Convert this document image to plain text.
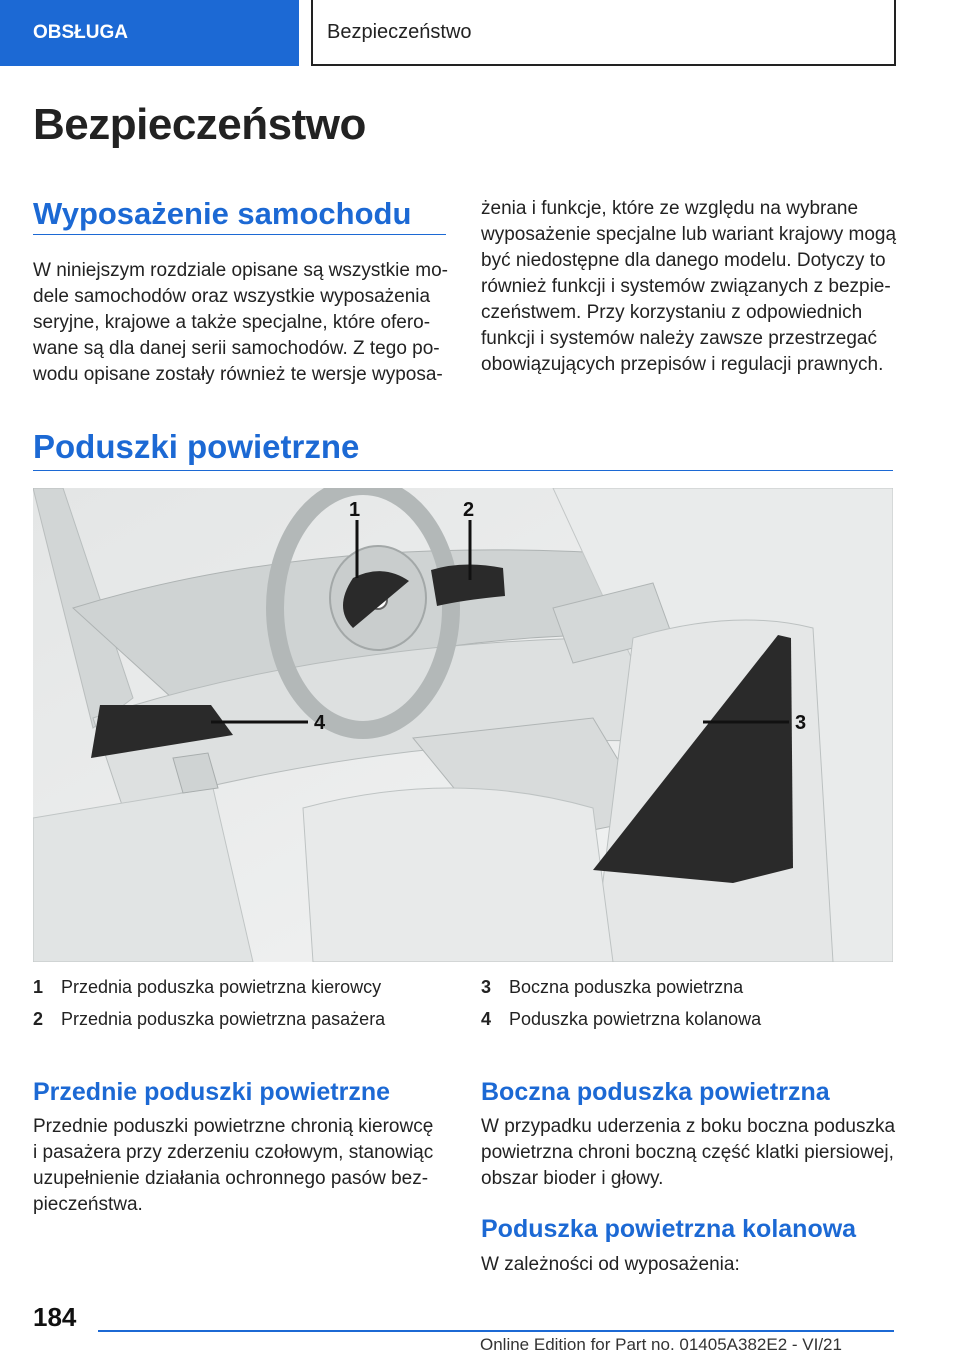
OBSŁUGA	Bezpieczeństwo
Bezpieczeństwo
Wyposażenie samochodu
W niniejszym rozdziale opisane są wszystkie mo-
dele samochodów oraz wszystkie wyposażenia
seryjne, krajowe a także specjalne, które ofero-
wane są dla danej serii samochodów. Z tego po-
wodu opisane zostały również te wersje wyposa-
żenia i funkcje, które ze względu na wybrane
wyposażenie specjalne lub wariant krajowy mogą
być niedostępne dla danego modelu. Dotyczy to
również funkcji i systemów związanych z bezpie-
czeństwem. Przy korzystaniu z odpowiednich
funkcji i systemów należy zawsze przestrzegać
obowiązujących przepisów i regulacji prawnych.
Poduszki powietrzne
1	2
3
4
1 Przednia poduszka powietrzna kierowcy
2 Przednia poduszka powietrzna pasażera
3 Boczna poduszka powietrzna
4 Poduszka powietrzna kolanowa
Przednie poduszki powietrzne
Przednie poduszki powietrzne chronią kierowcę
i pasażera przy zderzeniu czołowym, stanowiąc
uzupełnienie działania ochronnego pasów bez-
pieczeństwa.
Boczna poduszka powietrzna
W przypadku uderzenia z boku boczna poduszka
powietrzna chroni boczną część klatki piersiowej,
obszar bioder i głowy.
Poduszka powietrzna kolanowa
W zależności od wyposażenia:
184
Online Edition for Part no. 01405A382E2 - VI/21
